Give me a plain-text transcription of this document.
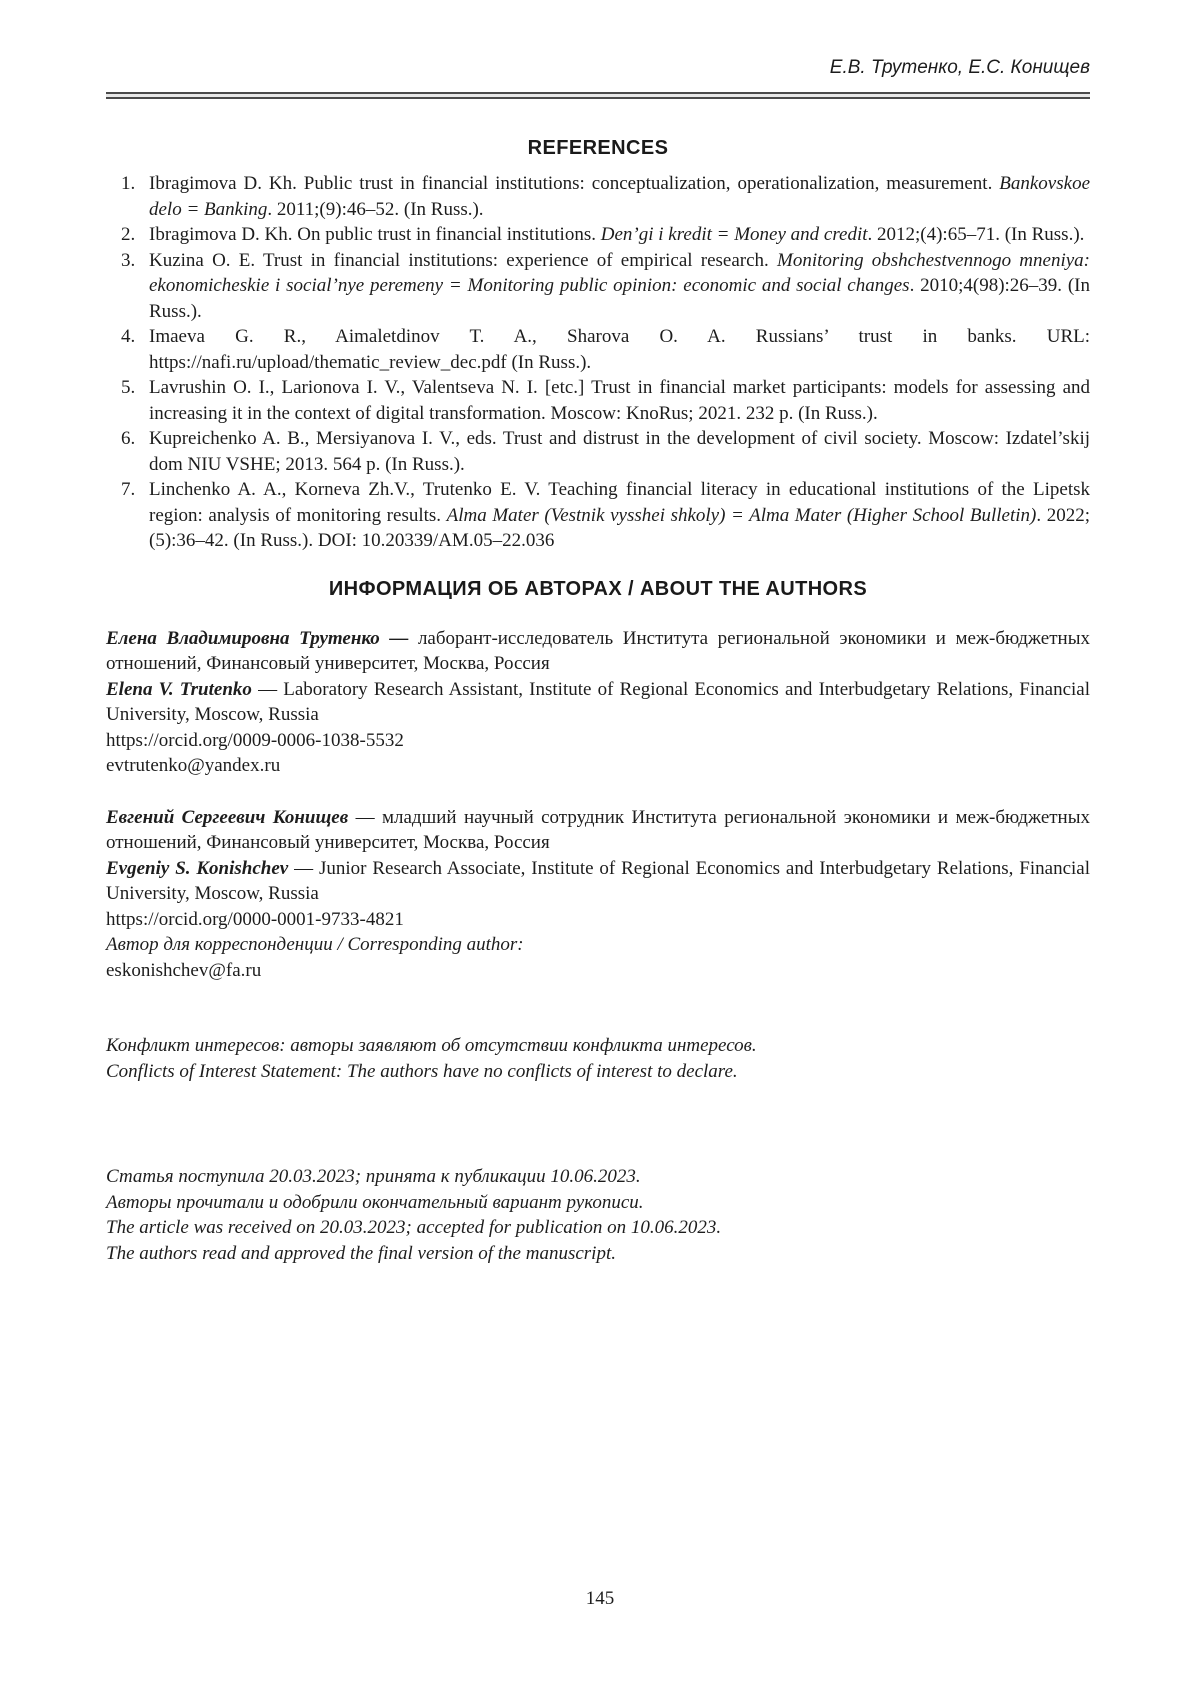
Е.В. Трутенко, Е.С. Конищев
REFERENCES
1. Ibragimova D. Kh. Public trust in financial institutions: conceptualization, operationalization, measurement. Bankovskoe delo = Banking. 2011;(9):46–52. (In Russ.).
2. Ibragimova D. Kh. On public trust in financial institutions. Den’gi i kredit = Money and credit. 2012;(4):65–71. (In Russ.).
3. Kuzina O. E. Trust in financial institutions: experience of empirical research. Monitoring obshchestvennogo mneniya: ekonomicheskie i social’nye peremeny = Monitoring public opinion: economic and social changes. 2010;4(98):26–39. (In Russ.).
4. Imaeva G. R., Aimaletdinov T. A., Sharova O. A. Russians’ trust in banks. URL: https://nafi.ru/upload/thematic_review_dec.pdf (In Russ.).
5. Lavrushin O. I., Larionova I. V., Valentseva N. I. [etc.] Trust in financial market participants: models for assessing and increasing it in the context of digital transformation. Moscow: KnoRus; 2021. 232 p. (In Russ.).
6. Kupreichenko A. B., Mersiyanova I. V., eds. Trust and distrust in the development of civil society. Moscow: Izdatel’skij dom NIU VSHE; 2013. 564 p. (In Russ.).
7. Linchenko A. A., Korneva Zh.V., Trutenko E. V. Teaching financial literacy in educational institutions of the Lipetsk region: analysis of monitoring results. Alma Mater (Vestnik vysshei shkoly) = Alma Mater (Higher School Bulletin). 2022;(5):36–42. (In Russ.). DOI: 10.20339/AM.05–22.036
ИНФОРМАЦИЯ ОБ АВТОРАХ / ABOUT THE AUTHORS

Елена Владимировна Трутенко — лаборант-исследователь Института региональной экономики и меж-бюджетных отношений, Финансовый университет, Москва, Россия

Elena V. Trutenko — Laboratory Research Assistant, Institute of Regional Economics and Interbudgetary Relations, Financial University, Moscow, Russia

https://orcid.org/0009-0006-1038-5532

evtrutenko@yandex.ru

Евгений Сергеевич Конищев — младший научный сотрудник Института региональной экономики и меж-бюджетных отношений, Финансовый университет, Москва, Россия

Evgeniy S. Konishchev — Junior Research Associate, Institute of Regional Economics and Interbudgetary Relations, Financial University, Moscow, Russia

https://orcid.org/0000-0001-9733-4821

Автор для корреспонденции / Corresponding author:

eskonishchev@fa.ru

Конфликт интересов: авторы заявляют об отсутствии конфликта интересов.

Conflicts of Interest Statement: The authors have no conflicts of interest to declare.

Статья поступила 20.03.2023; принята к публикации 10.06.2023.

Авторы прочитали и одобрили окончательный вариант рукописи.

The article was received on 20.03.2023; accepted for publication on 10.06.2023.

The authors read and approved the final version of the manuscript.

145
